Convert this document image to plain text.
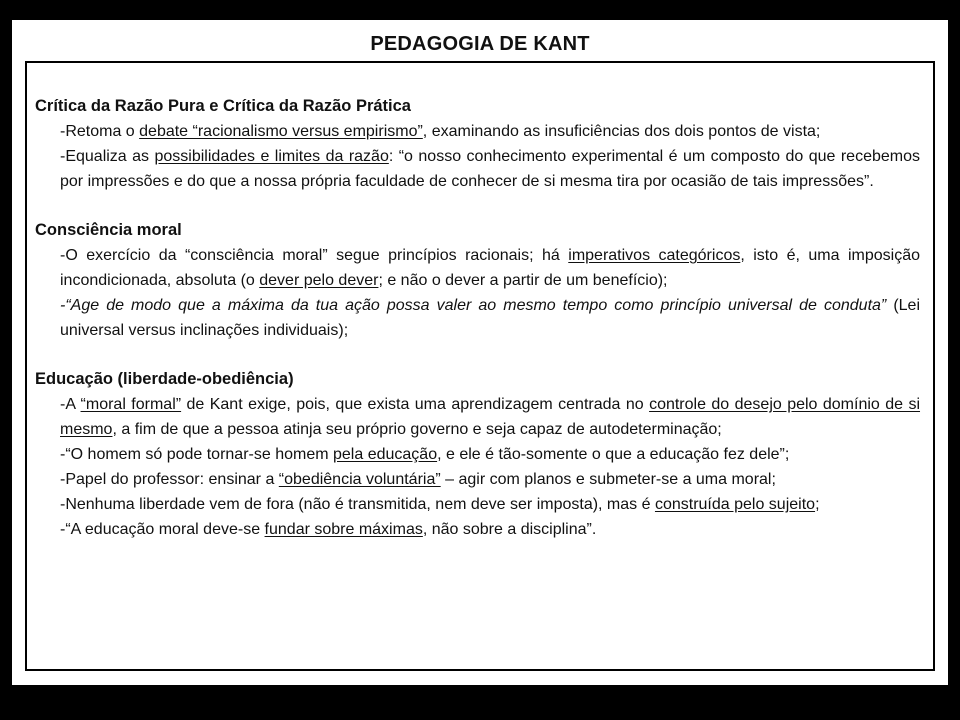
PEDAGOGIA DE KANT
Crítica da Razão Pura e Crítica da Razão Prática
-Retoma o debate “racionalismo versus empirismo”, examinando as insuficiências dos dois pontos de vista;
-Equaliza as possibilidades e limites da razão: “o nosso conhecimento experimental é um composto do que recebemos por impressões e do que a nossa própria faculdade de conhecer de si mesma tira por ocasião de tais impressões”.
Consciência moral
-O exercício da “consciência moral” segue princípios racionais; há imperativos categóricos, isto é, uma imposição incondicionada, absoluta (o dever pelo dever; e não o dever a partir de um benefício);
-“Age de modo que a máxima da tua ação possa valer ao mesmo tempo como princípio universal de conduta” (Lei universal versus inclinações individuais);
Educação (liberdade-obediência)
-A “moral formal” de Kant exige, pois, que exista uma aprendizagem centrada no controle do desejo pelo domínio de si mesmo, a fim de que a pessoa atinja seu próprio governo e seja capaz de autodeterminação;
-“O homem só pode tornar-se homem pela educação, e ele é tão-somente o que a educação fez dele”;
-Papel do professor: ensinar a “obediência voluntária” – agir com planos e submeter-se a uma moral;
-Nenhuma liberdade vem de fora (não é transmitida, nem deve ser imposta), mas é construída pelo sujeito;
-“A educação moral deve-se fundar sobre máximas, não sobre a disciplina”.
